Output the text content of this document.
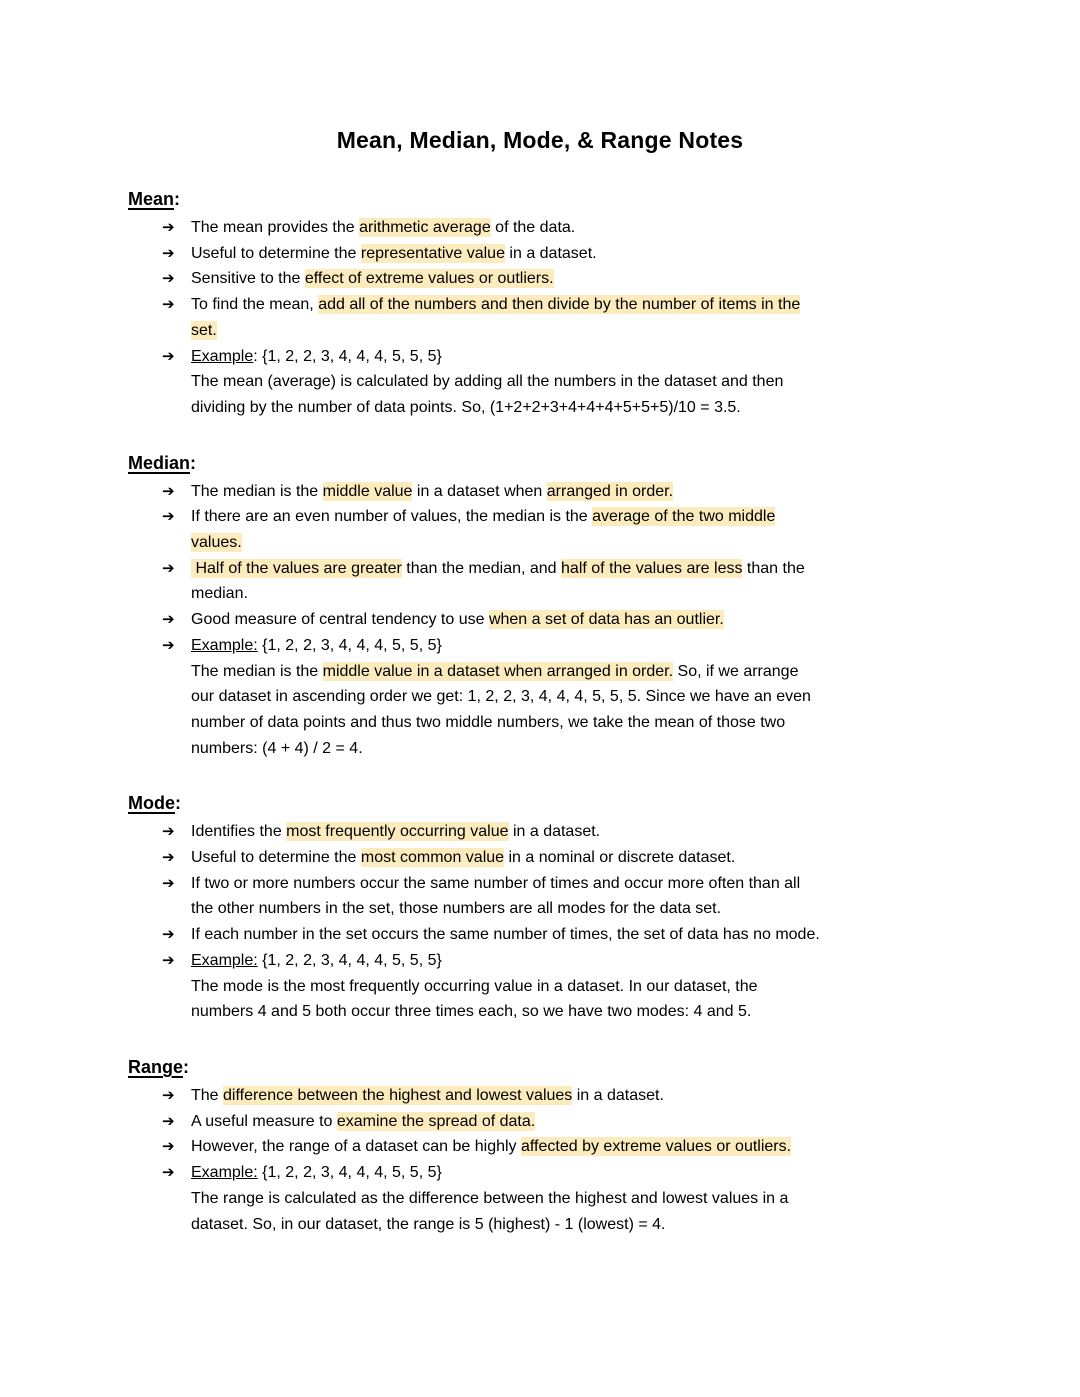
Mean, Median, Mode, & Range Notes
Mean:
➔	The mean provides the arithmetic average of the data.
➔	Useful to determine the representative value in a dataset.
➔	Sensitive to the effect of extreme values or outliers.
➔	To find the mean, add all of the numbers and then divide by the number of items in the
set.
➔	Example: {1, 2, 2, 3, 4, 4, 4, 5, 5, 5}
The mean (average) is calculated by adding all the numbers in the dataset and then
dividing by the number of data points. So, (1+2+2+3+4+4+4+5+5+5)/10 = 3.5.
Median:
➔	The median is the middle value in a dataset when arranged in order.
➔	If there are an even number of values, the median is the average of the two middle
values.
➔	Half of the values are greater than the median, and half of the values are less than the
median.
➔	Good measure of central tendency to use when a set of data has an outlier.
➔	Example: {1, 2, 2, 3, 4, 4, 4, 5, 5, 5}
The median is the middle value in a dataset when arranged in order. So, if we arrange
our dataset in ascending order we get: 1, 2, 2, 3, 4, 4, 4, 5, 5, 5. Since we have an even
number of data points and thus two middle numbers, we take the mean of those two
numbers: (4 + 4) / 2 = 4.
Mode:
➔	Identifies the most frequently occurring value in a dataset.
➔	Useful to determine the most common value in a nominal or discrete dataset.
➔	If two or more numbers occur the same number of times and occur more often than all
the other numbers in the set, those numbers are all modes for the data set.
➔	If each number in the set occurs the same number of times, the set of data has no mode.
➔	Example: {1, 2, 2, 3, 4, 4, 4, 5, 5, 5}
The mode is the most frequently occurring value in a dataset. In our dataset, the
numbers 4 and 5 both occur three times each, so we have two modes: 4 and 5.
Range:
➔	The difference between the highest and lowest values in a dataset.
➔	A useful measure to examine the spread of data.
➔	However, the range of a dataset can be highly affected by extreme values or outliers.
➔	Example: {1, 2, 2, 3, 4, 4, 4, 5, 5, 5}
The range is calculated as the difference between the highest and lowest values in a
dataset. So, in our dataset, the range is 5 (highest) - 1 (lowest) = 4.
